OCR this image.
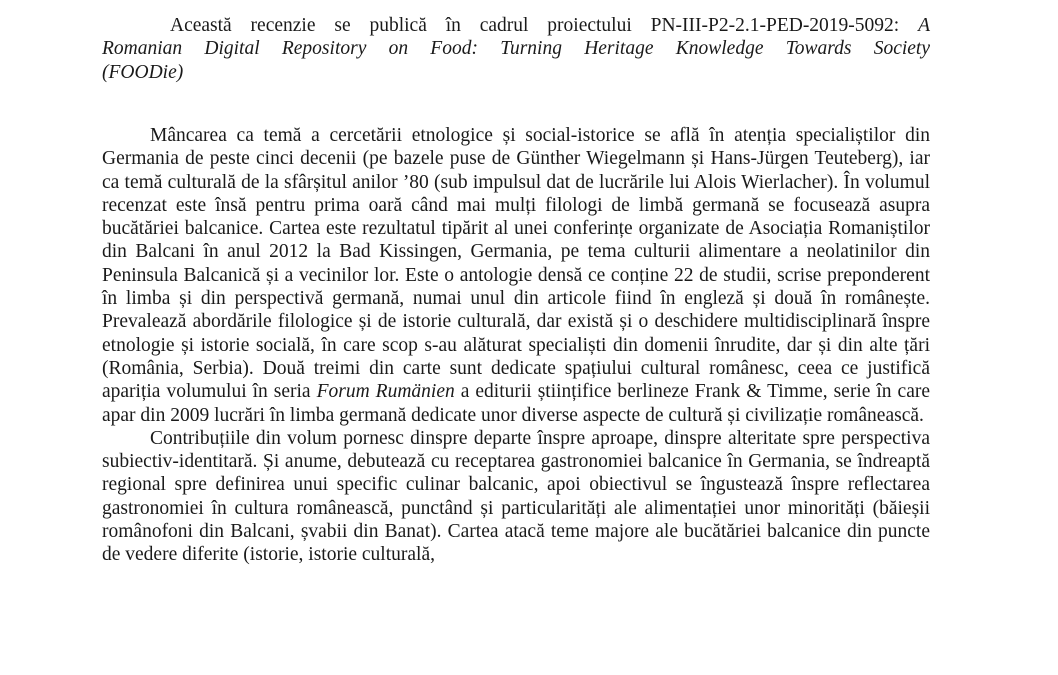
Această recenzie se publică în cadrul proiectului PN-III-P2-2.1-PED-2019-5092: A
Romanian Digital Repository on Food: Turning Heritage Knowledge Towards Society
(FOODie)

Mâncarea ca temă a cercetării etnologice și social-istorice se află în atenția specialiștilor din Germania de peste cinci decenii (pe bazele puse de Günther Wiegelmann și Hans-Jürgen Teuteberg), iar ca temă culturală de la sfârșitul anilor ’80 (sub impulsul dat de lucrările lui Alois Wierlacher). În volumul recenzat este însă pentru prima oară când mai mulți filologi de limbă germană se focusează asupra bucătăriei balcanice. Cartea este rezultatul tipărit al unei conferințe organizate de Asociația Romaniștilor din Balcani în anul 2012 la Bad Kissingen, Germania, pe tema culturii alimentare a neolatinilor din Peninsula Balcanică și a vecinilor lor. Este o antologie densă ce conține 22 de studii, scrise preponderent în limba și din perspectivă germană, numai unul din articole fiind în engleză și două în românește. Prevalează abordările filologice și de istorie culturală, dar există și o deschidere multidisciplinară înspre etnologie și istorie socială, în care scop s-au alăturat specialiști din domenii înrudite, dar și din alte țări (România, Serbia). Două treimi din carte sunt dedicate spațiului cultural românesc, ceea ce justifică apariția volumului în seria Forum Rumänien a editurii științifice berlineze Frank & Timme, serie în care apar din 2009 lucrări în limba germană dedicate unor diverse aspecte de cultură și civilizație românească.

Contribuțiile din volum pornesc dinspre departe înspre aproape, dinspre alteritate spre perspectiva subiectiv-identitară. Și anume, debutează cu receptarea gastronomiei balcanice în Germania, se îndreaptă regional spre definirea unui specific culinar balcanic, apoi obiectivul se îngustează înspre reflectarea gastronomiei în cultura românească, punctând și particularități ale alimentației unor minorități (băieșii românofoni din Balcani, șvabii din Banat). Cartea atacă teme majore ale bucătăriei balcanice din puncte de vedere diferite (istorie, istorie culturală,
